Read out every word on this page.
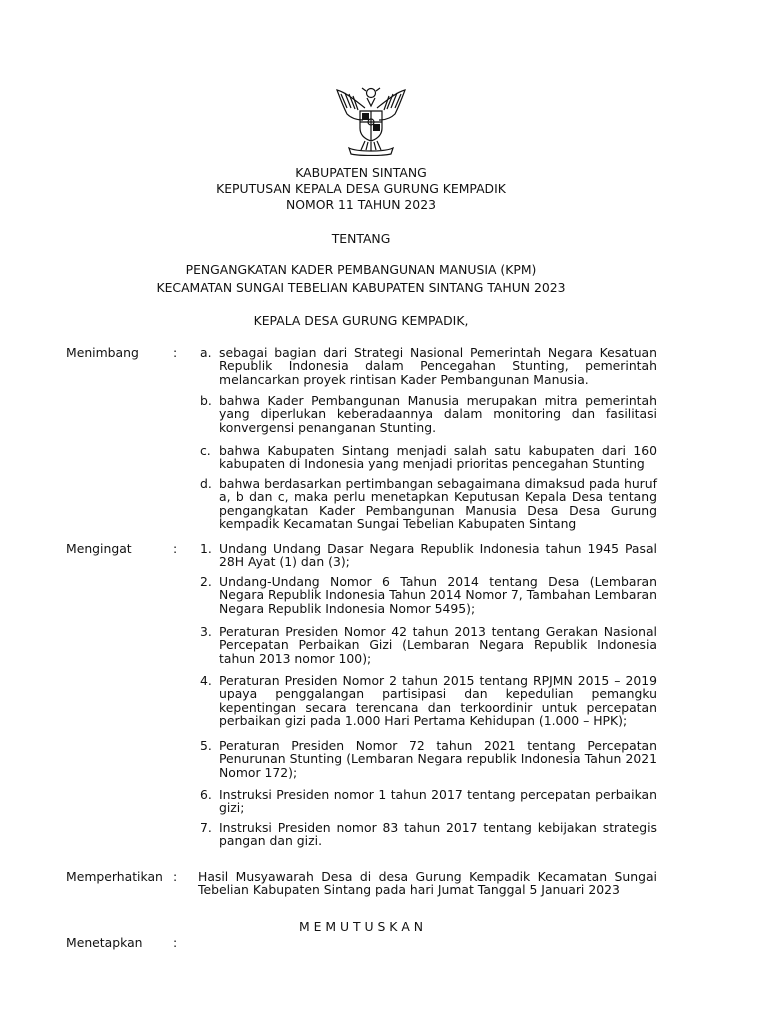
KABUPATEN SINTANG
KEPUTUSAN KEPALA DESA GURUNG KEMPADIK
NOMOR 11 TAHUN 2023
TENTANG
PENGANGKATAN KADER PEMBANGUNAN MANUSIA (KPM)
KECAMATAN SUNGAI TEBELIAN KABUPATEN SINTANG TAHUN 2023
KEPALA DESA GURUNG KEMPADIK,
Menimbang	: a. sebagai bagian dari Strategi Nasional Pemerintah Negara Kesatuan Republik Indonesia dalam Pencegahan Stunting, pemerintah melancarkan proyek rintisan Kader Pembangunan Manusia.
b. bahwa Kader Pembangunan Manusia merupakan mitra pemerintah yang diperlukan keberadaannya dalam monitoring dan fasilitasi konvergensi penanganan Stunting.
c. bahwa Kabupaten Sintang menjadi salah satu kabupaten dari 160 kabupaten di Indonesia yang menjadi prioritas pencegahan Stunting
d. bahwa berdasarkan pertimbangan sebagaimana dimaksud pada huruf a, b dan c, maka perlu menetapkan Keputusan Kepala Desa tentang pengangkatan Kader Pembangunan Manusia Desa Desa Gurung kempadik Kecamatan Sungai Tebelian Kabupaten Sintang
Mengingat	: 1. Undang Undang Dasar Negara Republik Indonesia tahun 1945 Pasal 28H Ayat (1) dan (3);
2. Undang-Undang Nomor 6 Tahun 2014 tentang Desa (Lembaran Negara Republik Indonesia Tahun 2014 Nomor 7, Tambahan Lembaran Negara Republik Indonesia Nomor 5495);
3. Peraturan Presiden Nomor 42 tahun 2013 tentang Gerakan Nasional Percepatan Perbaikan Gizi (Lembaran Negara Republik Indonesia tahun 2013 nomor 100);
4. Peraturan Presiden Nomor 2 tahun 2015 tentang RPJMN 2015 – 2019 upaya penggalangan partisipasi dan kepedulian pemangku kepentingan secara terencana dan terkoordinir untuk percepatan perbaikan gizi pada 1.000 Hari Pertama Kehidupan (1.000 – HPK);
5. Peraturan Presiden Nomor 72 tahun 2021 tentang Percepatan Penurunan Stunting (Lembaran Negara republik Indonesia Tahun 2021 Nomor 172);
6. Instruksi Presiden nomor 1 tahun 2017 tentang percepatan perbaikan gizi;
7. Instruksi Presiden nomor 83 tahun 2017 tentang kebijakan strategis pangan dan gizi.
Memperhatikan : Hasil Musyawarah Desa di desa Gurung Kempadik Kecamatan Sungai Tebelian Kabupaten Sintang pada hari Jumat Tanggal 5 Januari 2023
M E M U T U S K A N
Menetapkan :
